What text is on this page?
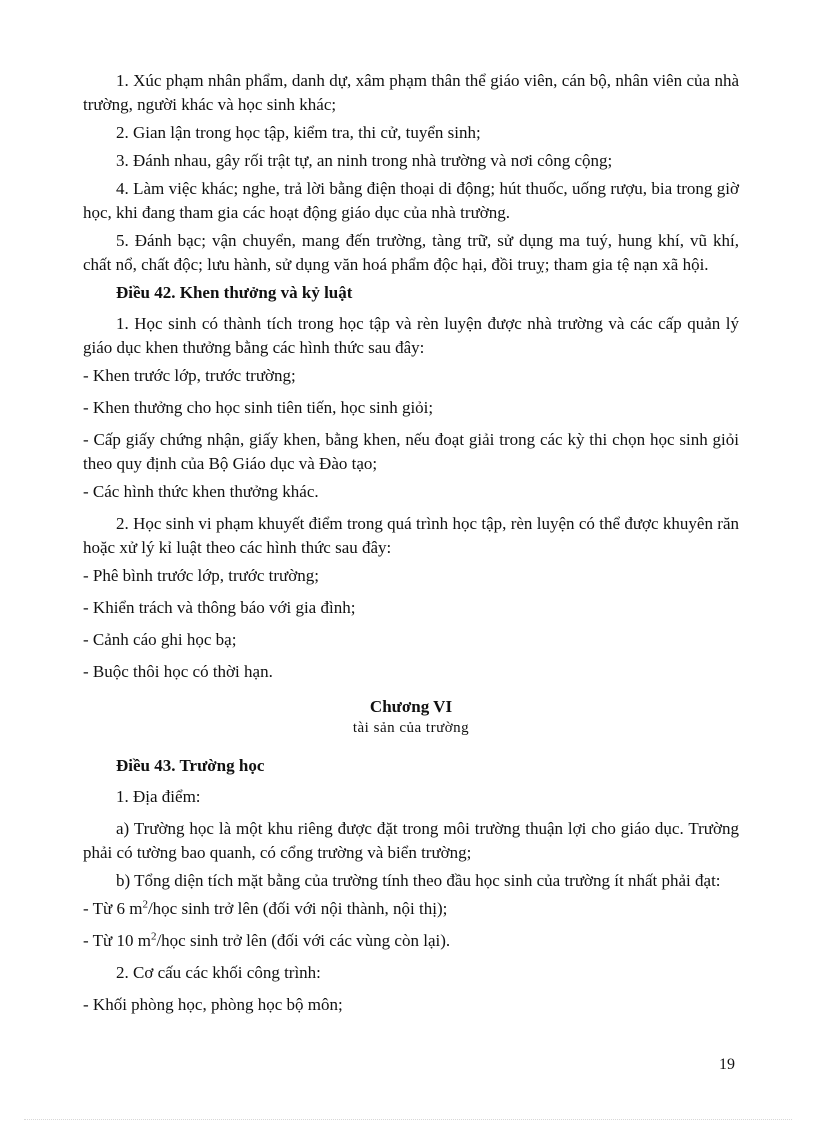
1. Xúc phạm nhân phẩm, danh dự, xâm phạm thân thể giáo viên, cán bộ, nhân viên của nhà trường, người khác và học sinh khác;

2. Gian lận trong học tập, kiểm tra, thi cử, tuyển sinh;

3. Đánh nhau, gây rối trật tự, an ninh trong nhà trường và nơi công cộng;

4. Làm việc khác; nghe, trả lời bằng điện thoại di động; hút thuốc, uống rượu, bia trong giờ học, khi đang tham gia các hoạt động giáo dục của nhà trường.

5. Đánh bạc; vận chuyển, mang đến trường, tàng trữ, sử dụng ma tuý, hung khí, vũ khí, chất nổ, chất độc; lưu hành, sử dụng văn hoá phẩm độc hại, đồi truỵ; tham gia tệ nạn xã hội.

Điều 42. Khen thưởng và kỷ luật

1. Học sinh có thành tích trong học tập và rèn luyện được nhà trường và các cấp quản lý giáo dục khen thưởng bằng các hình thức sau đây:

- Khen trước lớp, trước trường;

- Khen thưởng cho học sinh tiên tiến, học sinh giỏi;

- Cấp giấy chứng nhận, giấy khen, bằng khen, nếu đoạt giải trong các kỳ thi chọn học sinh giỏi theo quy định của Bộ Giáo dục và Đào tạo;

- Các hình thức khen thưởng khác.

2. Học sinh vi phạm khuyết điểm trong quá trình học tập, rèn luyện có thể được khuyên răn hoặc xử lý kỉ luật theo các hình thức sau đây:

- Phê bình trước lớp, trước trường;

- Khiển trách và thông báo với gia đình;

- Cảnh cáo ghi học bạ;

- Buộc thôi học có thời hạn.

Chương VI
tài sản của trường

Điều 43. Trường học

1. Địa điểm:

a) Trường học là một khu riêng được đặt trong môi trường thuận lợi cho giáo dục. Trường phải có tường bao quanh, có cổng trường và biển trường;

b) Tổng diện tích mặt bằng của trường tính theo đầu học sinh của trường ít nhất phải đạt:

- Từ 6 $m^2$/học sinh trở lên (đối với nội thành, nội thị);

- Từ 10 $m^2$/học sinh trở lên (đối với các vùng còn lại).

2. Cơ cấu các khối công trình:

- Khối phòng học, phòng học bộ môn;

19
